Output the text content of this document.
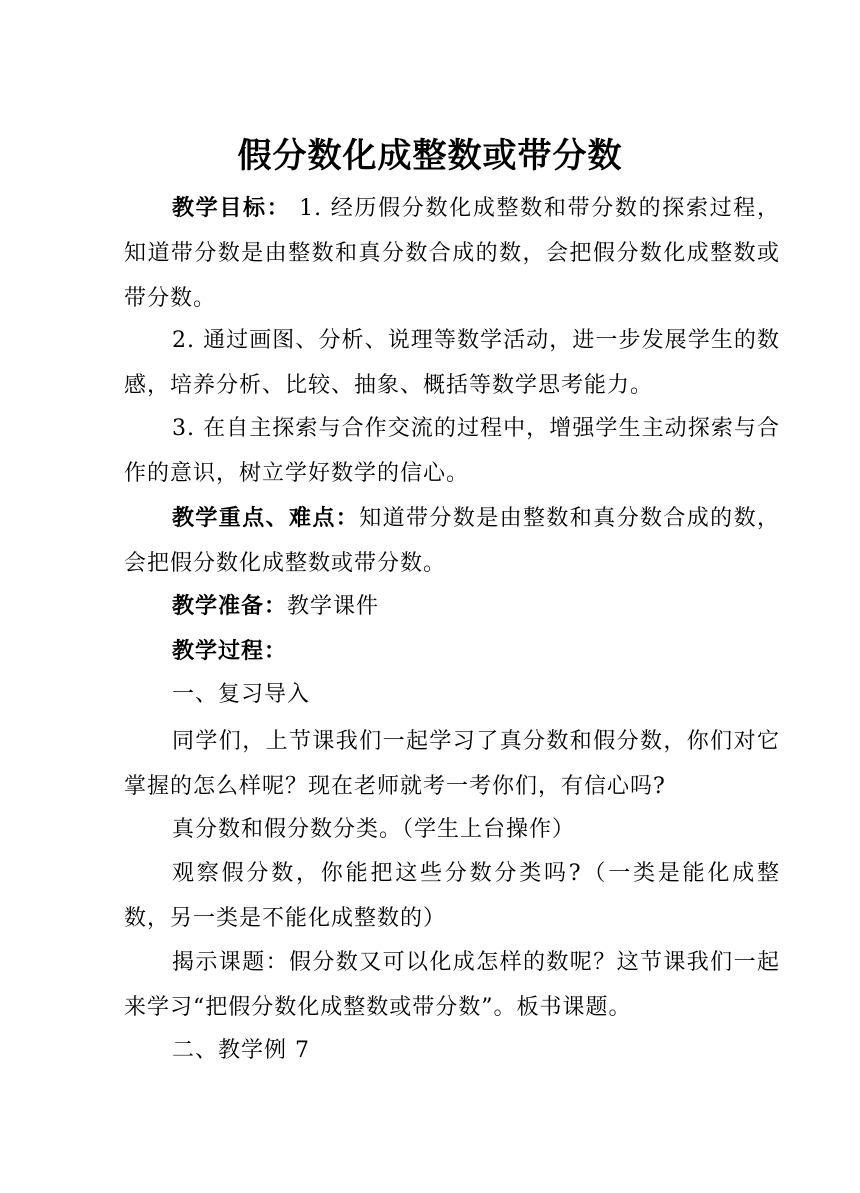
假分数化成整数或带分数
教学目标： 1. 经历假分数化成整数和带分数的探索过程，知道带分数是由整数和真分数合成的数，会把假分数化成整数或带分数。
2. 通过画图、分析、说理等数学活动，进一步发展学生的数感，培养分析、比较、抽象、概括等数学思考能力。
3. 在自主探索与合作交流的过程中，增强学生主动探索与合作的意识，树立学好数学的信心。
教学重点、难点：知道带分数是由整数和真分数合成的数，会把假分数化成整数或带分数。
教学准备：教学课件
教学过程：
一、复习导入
同学们，上节课我们一起学习了真分数和假分数，你们对它掌握的怎么样呢？现在老师就考一考你们，有信心吗?
真分数和假分数分类。（学生上台操作）
观察假分数，你能把这些分数分类吗?（一类是能化成整数，另一类是不能化成整数的）
揭示课题：假分数又可以化成怎样的数呢？这节课我们一起来学习“把假分数化成整数或带分数”。板书课题。
二、教学例 7
